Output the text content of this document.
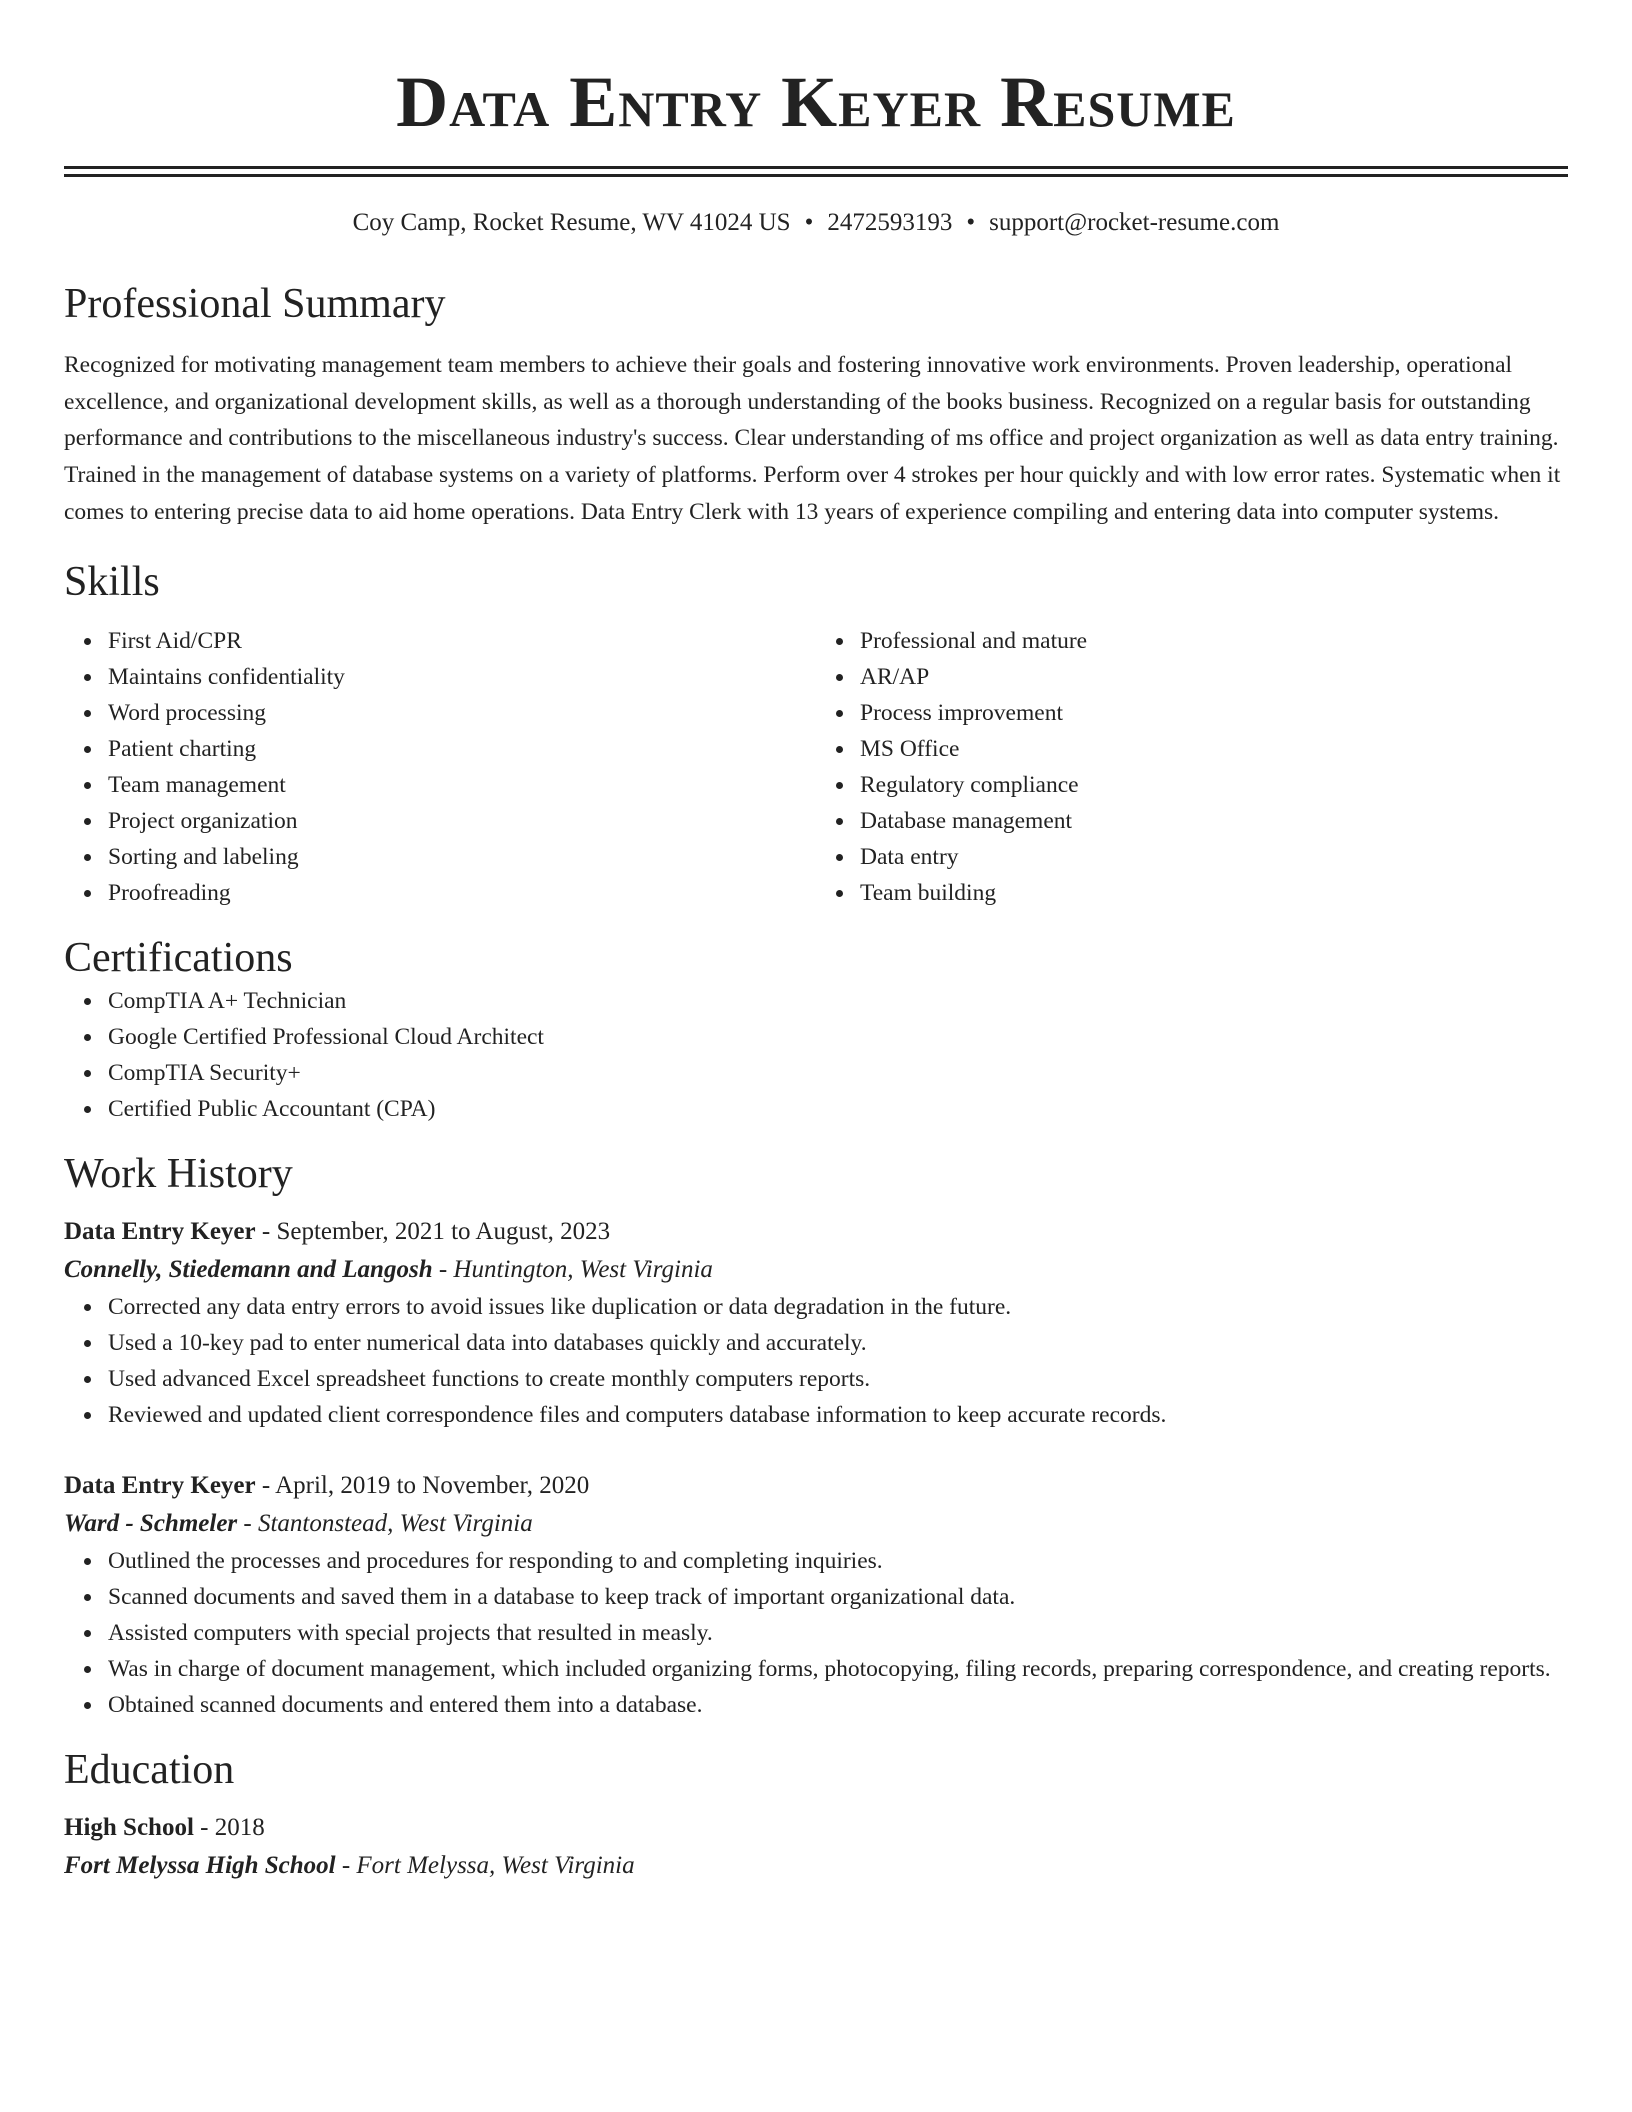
Data Entry Keyer Resume
Coy Camp, Rocket Resume, WV 41024 US • 2472593193 • support@rocket-resume.com
Professional Summary

Recognized for motivating management team members to achieve their goals and fostering innovative work environments. Proven leadership, operational excellence, and organizational development skills, as well as a thorough understanding of the books business. Recognized on a regular basis for outstanding performance and contributions to the miscellaneous industry's success. Clear understanding of ms office and project organization as well as data entry training. Trained in the management of database systems on a variety of platforms. Perform over 4 strokes per hour quickly and with low error rates. Systematic when it comes to entering precise data to aid home operations. Data Entry Clerk with 13 years of experience compiling and entering data into computer systems.

Skills
First Aid/CPR
Maintains confidentiality
Word processing
Patient charting
Team management
Project organization
Sorting and labeling
Proofreading
Professional and mature
AR/AP
Process improvement
MS Office
Regulatory compliance
Database management
Data entry
Team building
Certifications
CompTIA A+ Technician
Google Certified Professional Cloud Architect
CompTIA Security+
Certified Public Accountant (CPA)
Work History
Data Entry Keyer - September, 2021 to August, 2023
Connelly, Stiedemann and Langosh - Huntington, West Virginia
Corrected any data entry errors to avoid issues like duplication or data degradation in the future.
Used a 10-key pad to enter numerical data into databases quickly and accurately.
Used advanced Excel spreadsheet functions to create monthly computers reports.
Reviewed and updated client correspondence files and computers database information to keep accurate records.
Data Entry Keyer - April, 2019 to November, 2020
Ward - Schmeler - Stantonstead, West Virginia
Outlined the processes and procedures for responding to and completing inquiries.
Scanned documents and saved them in a database to keep track of important organizational data.
Assisted computers with special projects that resulted in measly.
Was in charge of document management, which included organizing forms, photocopying, filing records, preparing correspondence, and creating reports.
Obtained scanned documents and entered them into a database.
Education
High School - 2018
Fort Melyssa High School - Fort Melyssa, West Virginia
